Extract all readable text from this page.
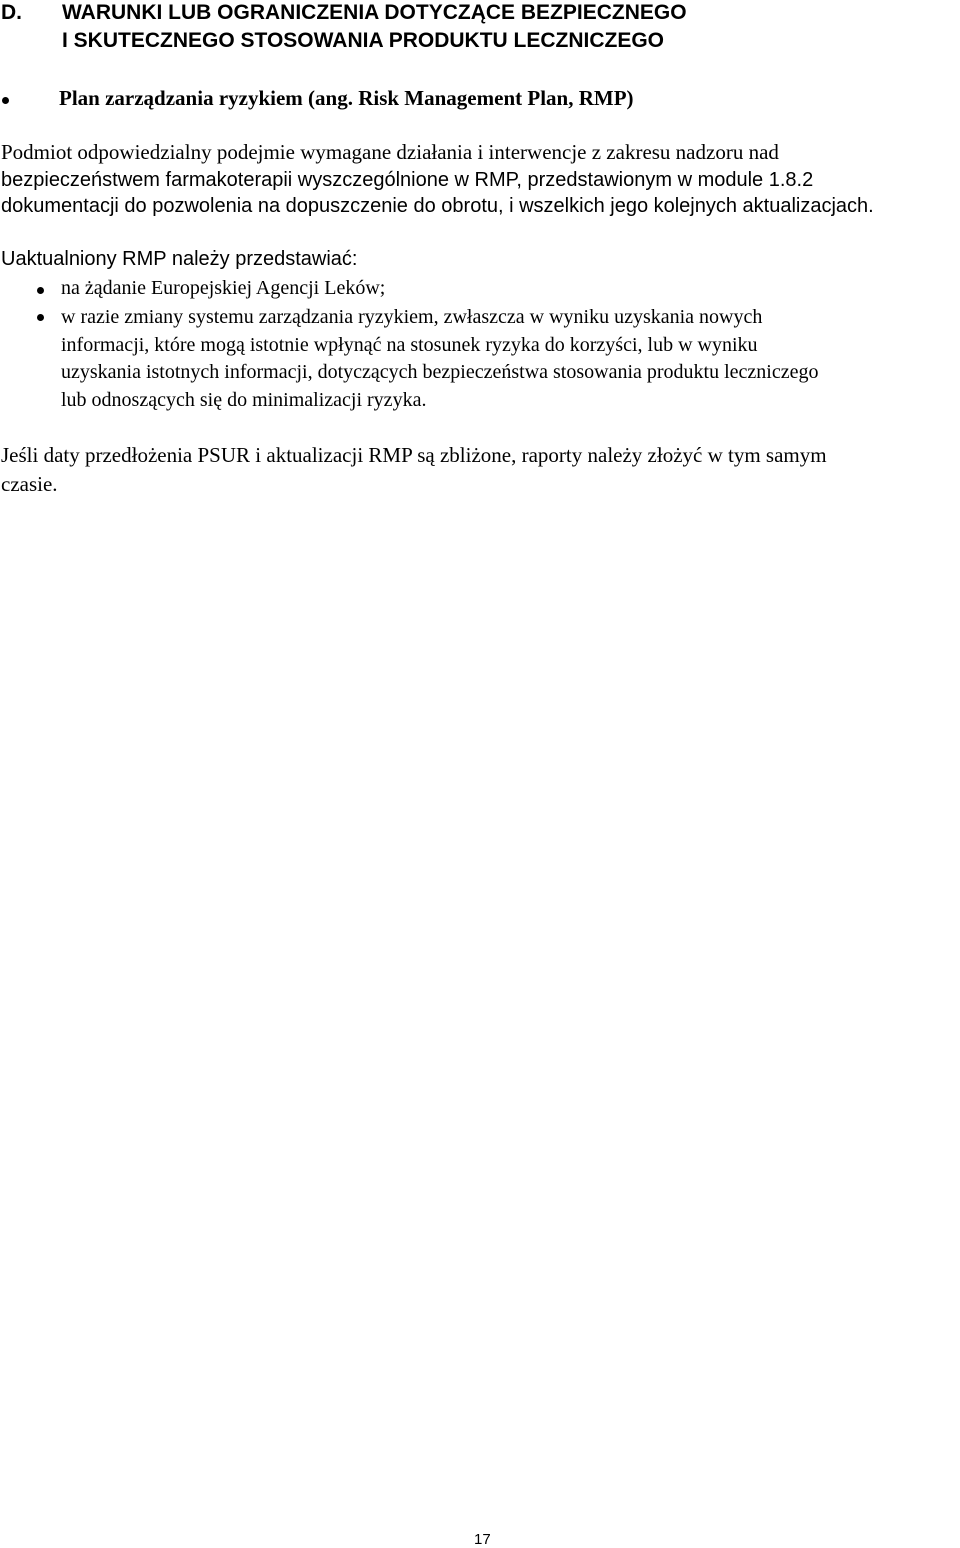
D. WARUNKI LUB OGRANICZENIA DOTYCZĄCE BEZPIECZNEGO
I SKUTECZNEGO STOSOWANIA PRODUKTU LECZNICZEGO
Plan zarządzania ryzykiem (ang. Risk Management Plan, RMP)
Podmiot odpowiedzialny podejmie wymagane działania i interwencje z zakresu nadzoru nad
bezpieczeństwem farmakoterapii wyszczególnione w RMP, przedstawionym w module 1.8.2
dokumentacji do pozwolenia na dopuszczenie do obrotu, i wszelkich jego kolejnych aktualizacjach.
Uaktualniony RMP należy przedstawiać:
na żądanie Europejskiej Agencji Leków;
w razie zmiany systemu zarządzania ryzykiem, zwłaszcza w wyniku uzyskania nowych
informacji, które mogą istotnie wpłynąć na stosunek ryzyka do korzyści, lub w wyniku
uzyskania istotnych informacji, dotyczących bezpieczeństwa stosowania produktu leczniczego
lub odnoszących się do minimalizacji ryzyka.
Jeśli daty przedłożenia PSUR i aktualizacji RMP są zbliżone, raporty należy złożyć w tym samym
czasie.
17
